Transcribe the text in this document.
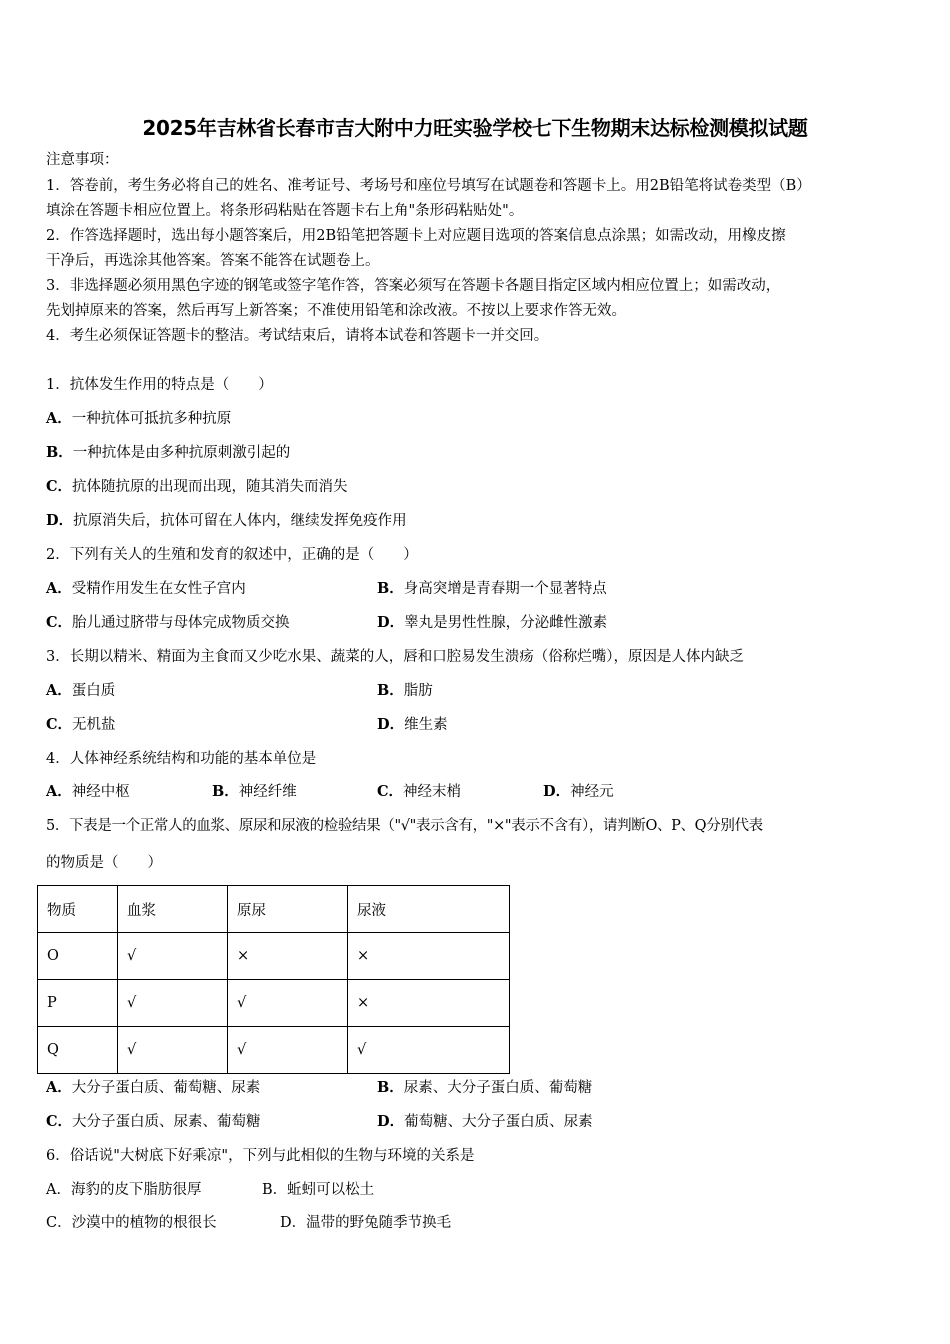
2025年吉林省长春市吉大附中力旺实验学校七下生物期末达标检测模拟试题
注意事项：
1．答卷前，考生务必将自己的姓名、准考证号、考场号和座位号填写在试题卷和答题卡上。用2B铅笔将试卷类型（B）
填涂在答题卡相应位置上。将条形码粘贴在答题卡右上角"条形码粘贴处"。
2．作答选择题时，选出每小题答案后，用2B铅笔把答题卡上对应题目选项的答案信息点涂黑；如需改动，用橡皮擦
干净后，再选涂其他答案。答案不能答在试题卷上。
3．非选择题必须用黑色字迹的钢笔或签字笔作答，答案必须写在答题卡各题目指定区域内相应位置上；如需改动，
先划掉原来的答案，然后再写上新答案；不准使用铅笔和涂改液。不按以上要求作答无效。
4．考生必须保证答题卡的整洁。考试结束后，请将本试卷和答题卡一并交回。
1．抗体发生作用的特点是（　　）
A．一种抗体可抵抗多种抗原
B．一种抗体是由多种抗原刺激引起的
C．抗体随抗原的出现而出现，随其消失而消失
D．抗原消失后，抗体可留在人体内，继续发挥免疫作用
2．下列有关人的生殖和发育的叙述中，正确的是（　　）
A．受精作用发生在女性子宫内	B．身高突增是青春期一个显著特点
C．胎儿通过脐带与母体完成物质交换	D．睾丸是男性性腺，分泌雌性激素
3．长期以精米、精面为主食而又少吃水果、蔬菜的人，唇和口腔易发生溃疡（俗称烂嘴），原因是人体内缺乏
A．蛋白质	B．脂肪
C．无机盐	D．维生素
4．人体神经系统结构和功能的基本单位是
A．神经中枢	B．神经纤维	C．神经末梢	D．神经元
5．下表是一个正常人的血浆、原尿和尿液的检验结果（"√"表示含有，"×"表示不含有），请判断O、P、Q分别代表
的物质是（　　）
物质	血浆	原尿	尿液
O	√	×	×
P	√	√	×
Q	√	√	√
A．大分子蛋白质、葡萄糖、尿素	B．尿素、大分子蛋白质、葡萄糖
C．大分子蛋白质、尿素、葡萄糖	D．葡萄糖、大分子蛋白质、尿素
6．俗话说"大树底下好乘凉"，下列与此相似的生物与环境的关系是
A．海豹的皮下脂肪很厚	B．蚯蚓可以松土
C．沙漠中的植物的根很长	D．温带的野兔随季节换毛
